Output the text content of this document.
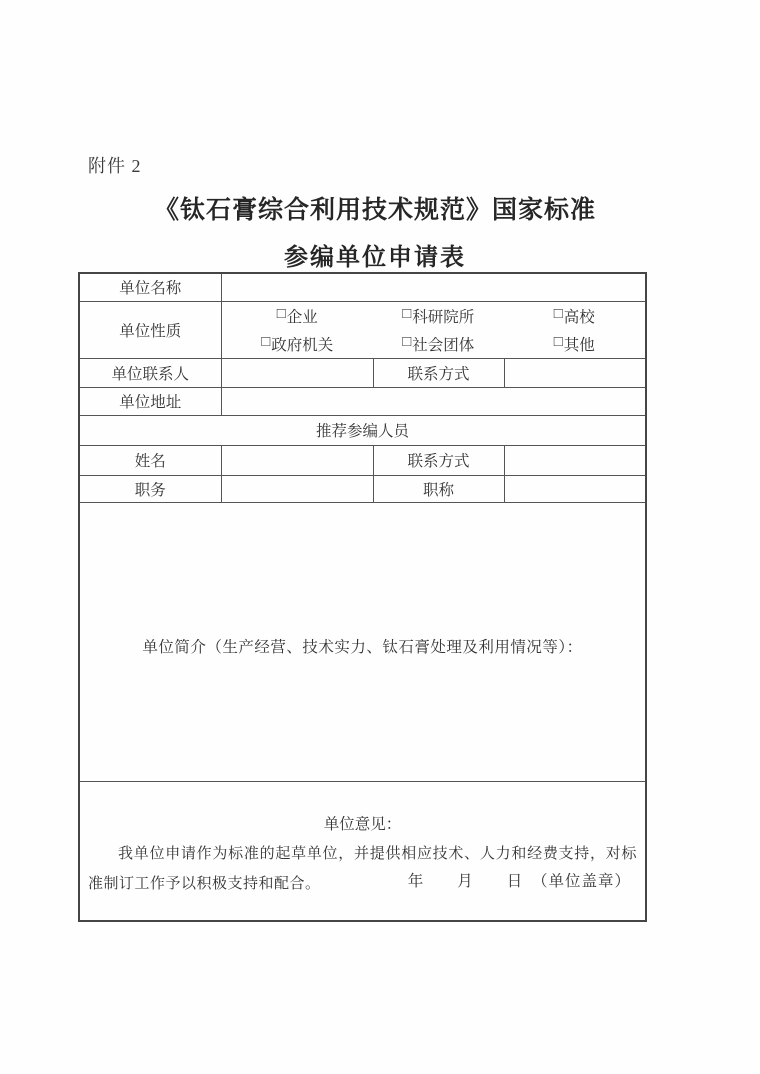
附件 2
《钛石膏综合利用技术规范》国家标准
参编单位申请表
单位名称			
单位性质	
□ 企业	□ 科研院所	□ 高校
□ 政府机关	□ 社会团体	□ 其他

单位联系人		联系方式	
单位地址			
推荐参编人员			
姓名		联系方式	
职务		职称	

单位简介（生产经营、技术实力、钛石膏处理及利用情况等）：			

单位意见：

我单位申请作为标准的起草单位，并提供相应技术、人力和经费支持，对标准制订工作予以积极支持和配合。 年　　月　　日　（单位盖章）			
